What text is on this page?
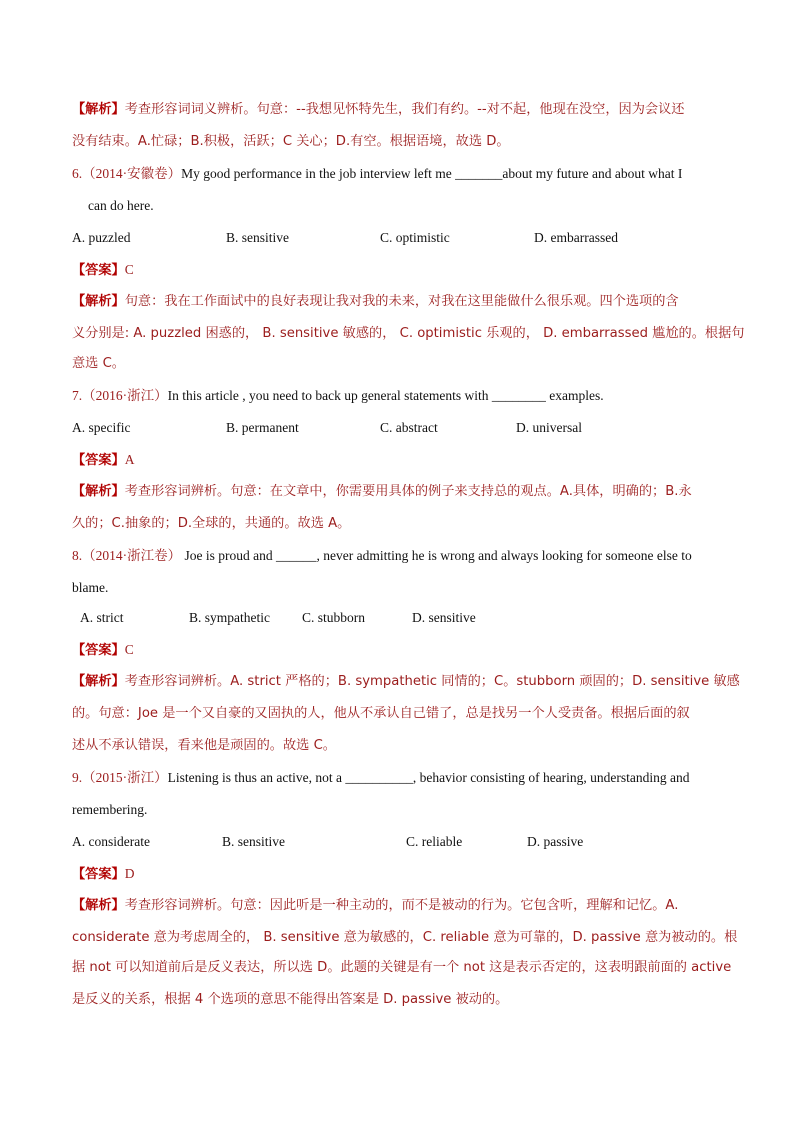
【解析】考查形容词词义辨析。句意：--我想见怀特先生，我们有约。--对不起，他现在没空，因为会议还
没有结束。A.忙碌；B.积极，活跃；C 关心；D.有空。根据语境，故选 D。
6.（2014·安徽卷）My good performance in the job interview left me _______about my future and about what I
can do here.
【答案】C
【解析】句意：我在工作面试中的良好表现让我对我的未来，对我在这里能做什么很乐观。四个选项的含
义分别是: A. puzzled 困惑的， B. sensitive 敏感的， C. optimistic 乐观的， D. embarrassed 尴尬的。根据句
意选 C。
7.（2016·浙江）In this article , you need to back up general statements with ________ examples.
【答案】A
【解析】考查形容词辨析。句意：在文章中，你需要用具体的例子来支持总的观点。A.具体，明确的；B.永
久的；C.抽象的；D.全球的，共通的。故选 A。
8.（2014·浙江卷） Joe is proud and ______, never admitting he is wrong and always looking for someone else to
blame.
【答案】C
【解析】考查形容词辨析。A. strict 严格的；B. sympathetic 同情的；C。stubborn 顽固的；D. sensitive 敏感
的。句意：Joe 是一个又自豪的又固执的人，他从不承认自己错了，总是找另一个人受责备。根据后面的叙
述从不承认错误，看来他是顽固的。故选 C。
9.（2015·浙江）Listening is thus an active, not a __________, behavior consisting of hearing, understanding and
remembering.
【答案】D
【解析】考查形容词辨析。句意：因此听是一种主动的，而不是被动的行为。它包含听，理解和记忆。A.
considerate 意为考虑周全的， B. sensitive 意为敏感的，C. reliable 意为可靠的，D. passive 意为被动的。根
据 not 可以知道前后是反义表达，所以选 D。此题的关键是有一个 not 这是表示否定的，这表明跟前面的 active
是反义的关系，根据 4 个选项的意思不能得出答案是 D. passive 被动的。
A. puzzled	B. sensitive	C. optimistic	D. embarrassed
A. specific	B. permanent	C. abstract	D. universal
A. strict	B. sympathetic C. stubborn	D. sensitive
A. considerate	B. sensitive	C. reliable	D. passive
